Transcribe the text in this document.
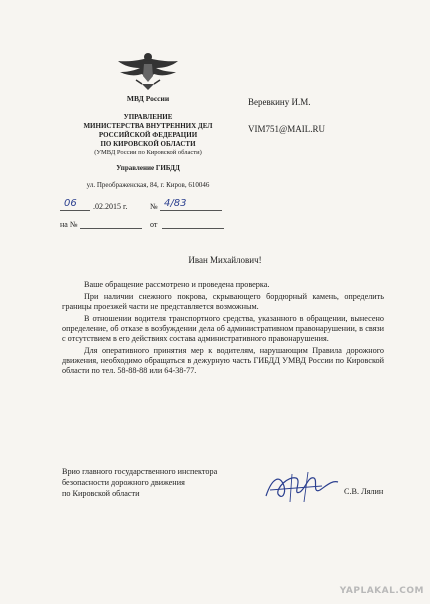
МВД России
УПРАВЛЕНИЕ
МИНИСТЕРСТВА ВНУТРЕННИХ ДЕЛ
РОССИЙСКОЙ ФЕДЕРАЦИИ
ПО КИРОВСКОЙ ОБЛАСТИ
(УМВД России по Кировской области)
Управление ГИБДД
ул. Преображенская, 84, г. Киров, 610046
06 .02.2015 г.	№ 4/83
на №	от
Веревкину И.М.
VIM751@MAIL.RU
Иван Михайлович!

Ваше обращение рассмотрено и проведена проверка.

При наличии снежного покрова, скрывающего бордюрный камень, определить границы проезжей части не представляется возможным.

В отношении водителя транспортного средства, указанного в обращении, вынесено определение, об отказе в возбуждении дела об административном правонарушении, в связи с отсутствием в его действиях состава административного правонарушения.

Для оперативного принятия мер к водителям, нарушающим Правила дорожного движения, необходимо обращаться в дежурную часть ГИБДД УМВД России по Кировской области по тел. 58-88-88 или 64-38-77.

Врио главного государственного инспектора
безопасности дорожного движения
по Кировской области	С.В. Лялин
YAPLAKAL.COM
